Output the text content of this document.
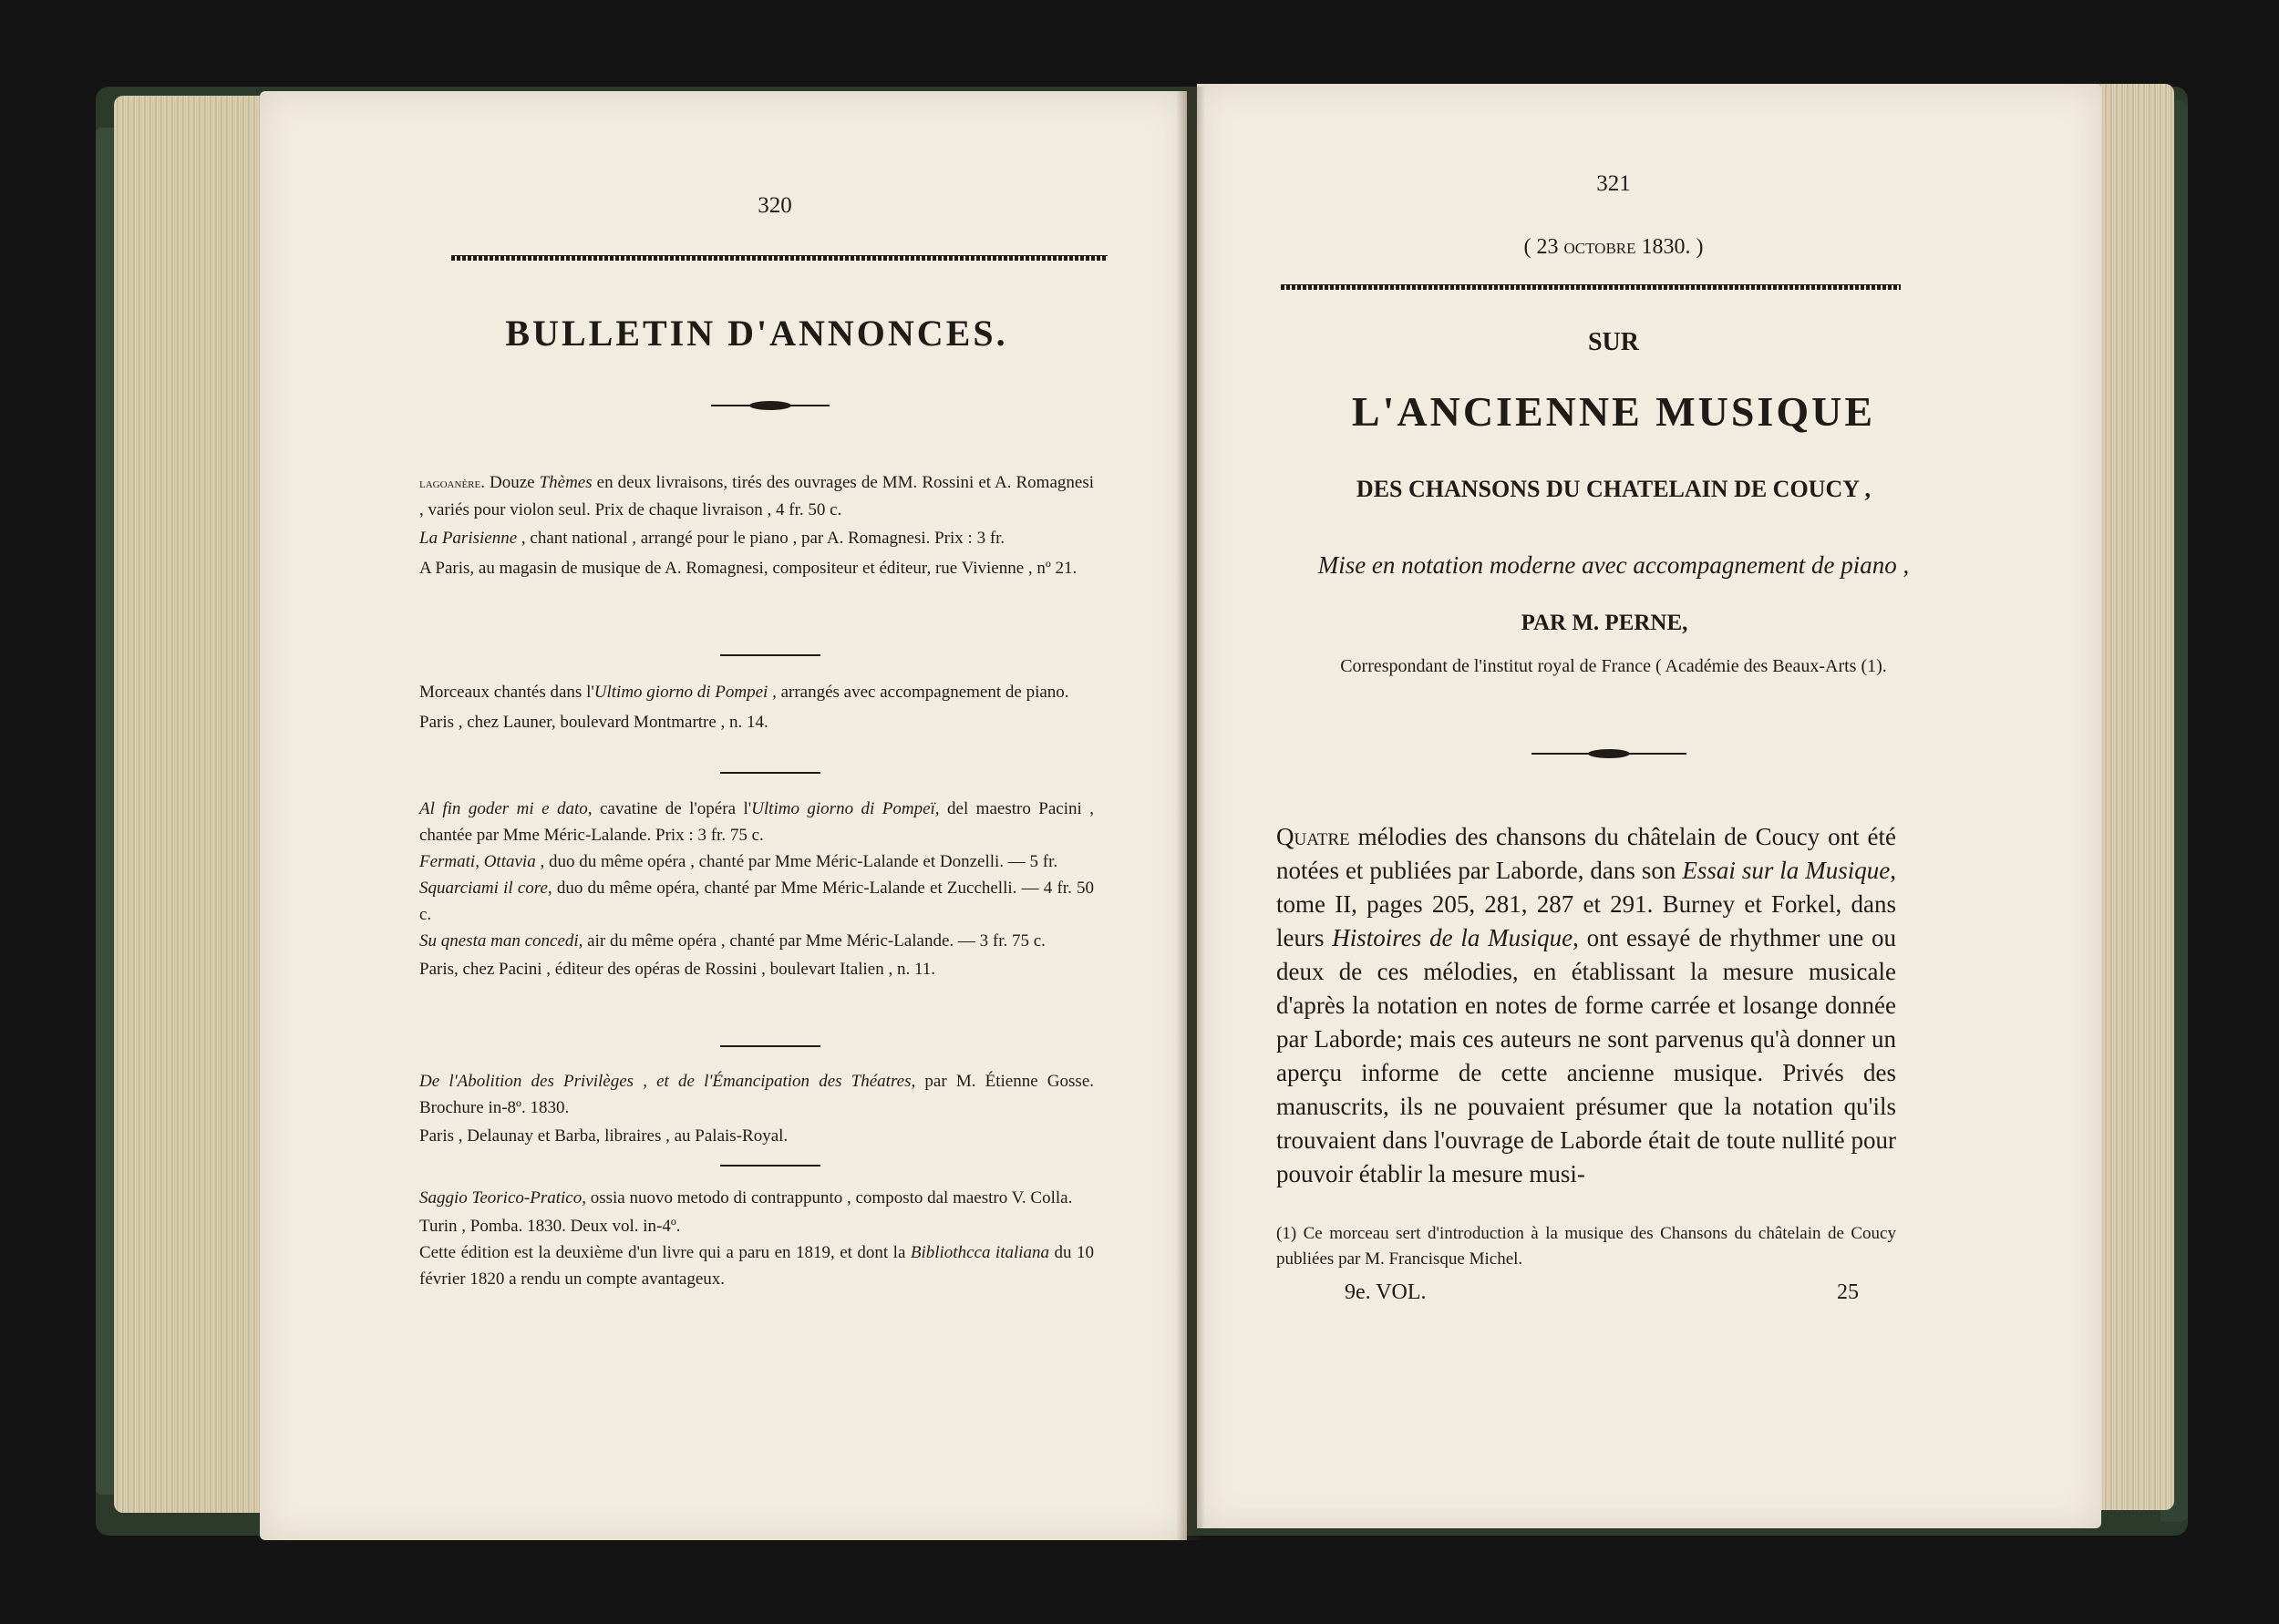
320
BULLETIN D'ANNONCES.

lagoanère. Douze Thèmes en deux livraisons, tirés des ouvrages de MM. Rossini et A. Romagnesi , variés pour violon seul. Prix de chaque livraison , 4 fr. 50 c.

La Parisienne , chant national , arrangé pour le piano , par A. Romagnesi. Prix : 3 fr.

A Paris, au magasin de musique de A. Romagnesi, compositeur et éditeur, rue Vivienne , nº 21.

Morceaux chantés dans l'Ultimo giorno di Pompei , arrangés avec accompagnement de piano.

Paris , chez Launer, boulevard Montmartre , n. 14.

Al fin goder mi e dato, cavatine de l'opéra l'Ultimo giorno di Pompeï, del maestro Pacini , chantée par Mme Méric-Lalande. Prix : 3 fr. 75 c.

Fermati, Ottavia , duo du même opéra , chanté par Mme Méric-Lalande et Donzelli. — 5 fr.

Squarciami il core, duo du même opéra, chanté par Mme Méric-Lalande et Zucchelli. — 4 fr. 50 c.

Su qnesta man concedi, air du même opéra , chanté par Mme Méric-Lalande. — 3 fr. 75 c.

Paris, chez Pacini , éditeur des opéras de Rossini , boulevart Italien , n. 11.

De l'Abolition des Privilèges , et de l'Émancipation des Théatres, par M. Étienne Gosse. Brochure in-8º. 1830.

Paris , Delaunay et Barba, libraires , au Palais-Royal.

Saggio Teorico-Pratico, ossia nuovo metodo di contrappunto , composto dal maestro V. Colla.

Turin , Pomba. 1830. Deux vol. in-4º.

Cette édition est la deuxième d'un livre qui a paru en 1819, et dont la Bibliothcca italiana du 10 février 1820 a rendu un compte avantageux.

321
( 23 octobre 1830. )
SUR
L'ANCIENNE MUSIQUE
DES CHANSONS DU CHATELAIN DE COUCY ,
Mise en notation moderne avec accompagnement de piano ,
PAR M. PERNE,
Correspondant de l'institut royal de France ( Académie des Beaux-Arts (1).

Quatre mélodies des chansons du châtelain de Coucy ont été notées et publiées par Laborde, dans son Essai sur la Musique, tome II, pages 205, 281, 287 et 291. Burney et Forkel, dans leurs Histoires de la Musique, ont essayé de rhythmer une ou deux de ces mélodies, en établissant la mesure musicale d'après la notation en notes de forme carrée et losange donnée par Laborde; mais ces auteurs ne sont parvenus qu'à donner un aperçu informe de cette ancienne musique. Privés des manuscrits, ils ne pouvaient présumer que la notation qu'ils trouvaient dans l'ouvrage de Laborde était de toute nullité pour pouvoir établir la mesure musi-

(1) Ce morceau sert d'introduction à la musique des Chansons du châtelain de Coucy publiées par M. Francisque Michel.

9e. VOL.	25
